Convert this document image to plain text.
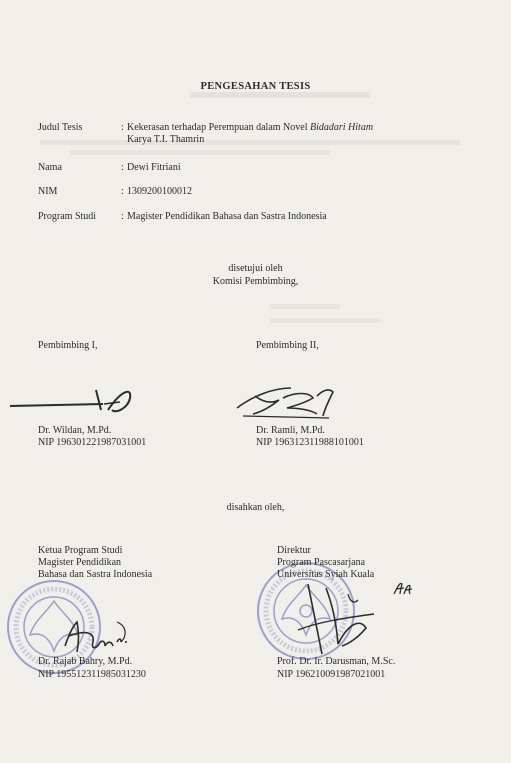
PENGESAHAN TESIS
Judul Tesis	: Kekerasan terhadap Perempuan dalam Novel Bidadari Hitam
Karya T.I. Thamrin
Nama	: Dewi Fitriani
NIM	: 1309200100012
Program Studi	: Magister Pendidikan Bahasa dan Sastra Indonesia
disetujui oleh
Komisi Pembimbing,
Pembimbing I,	Pembimbing II,
Dr. Wildan, M.Pd.
NIP 196301221987031001
Dr. Ramli, M.Pd.
NIP 196312311988101001
disahkan oleh,
Ketua Program Studi
Magister Pendidikan
Bahasa dan Sastra Indonesia
Direktur
Program Pascasarjana
Universitas Syiah Kuala
Dr. Rajab Bahry, M.Pd.
NIP 195512311985031230
Prof. Dr. Ir. Darusman, M.Sc.
NIP 196210091987021001
